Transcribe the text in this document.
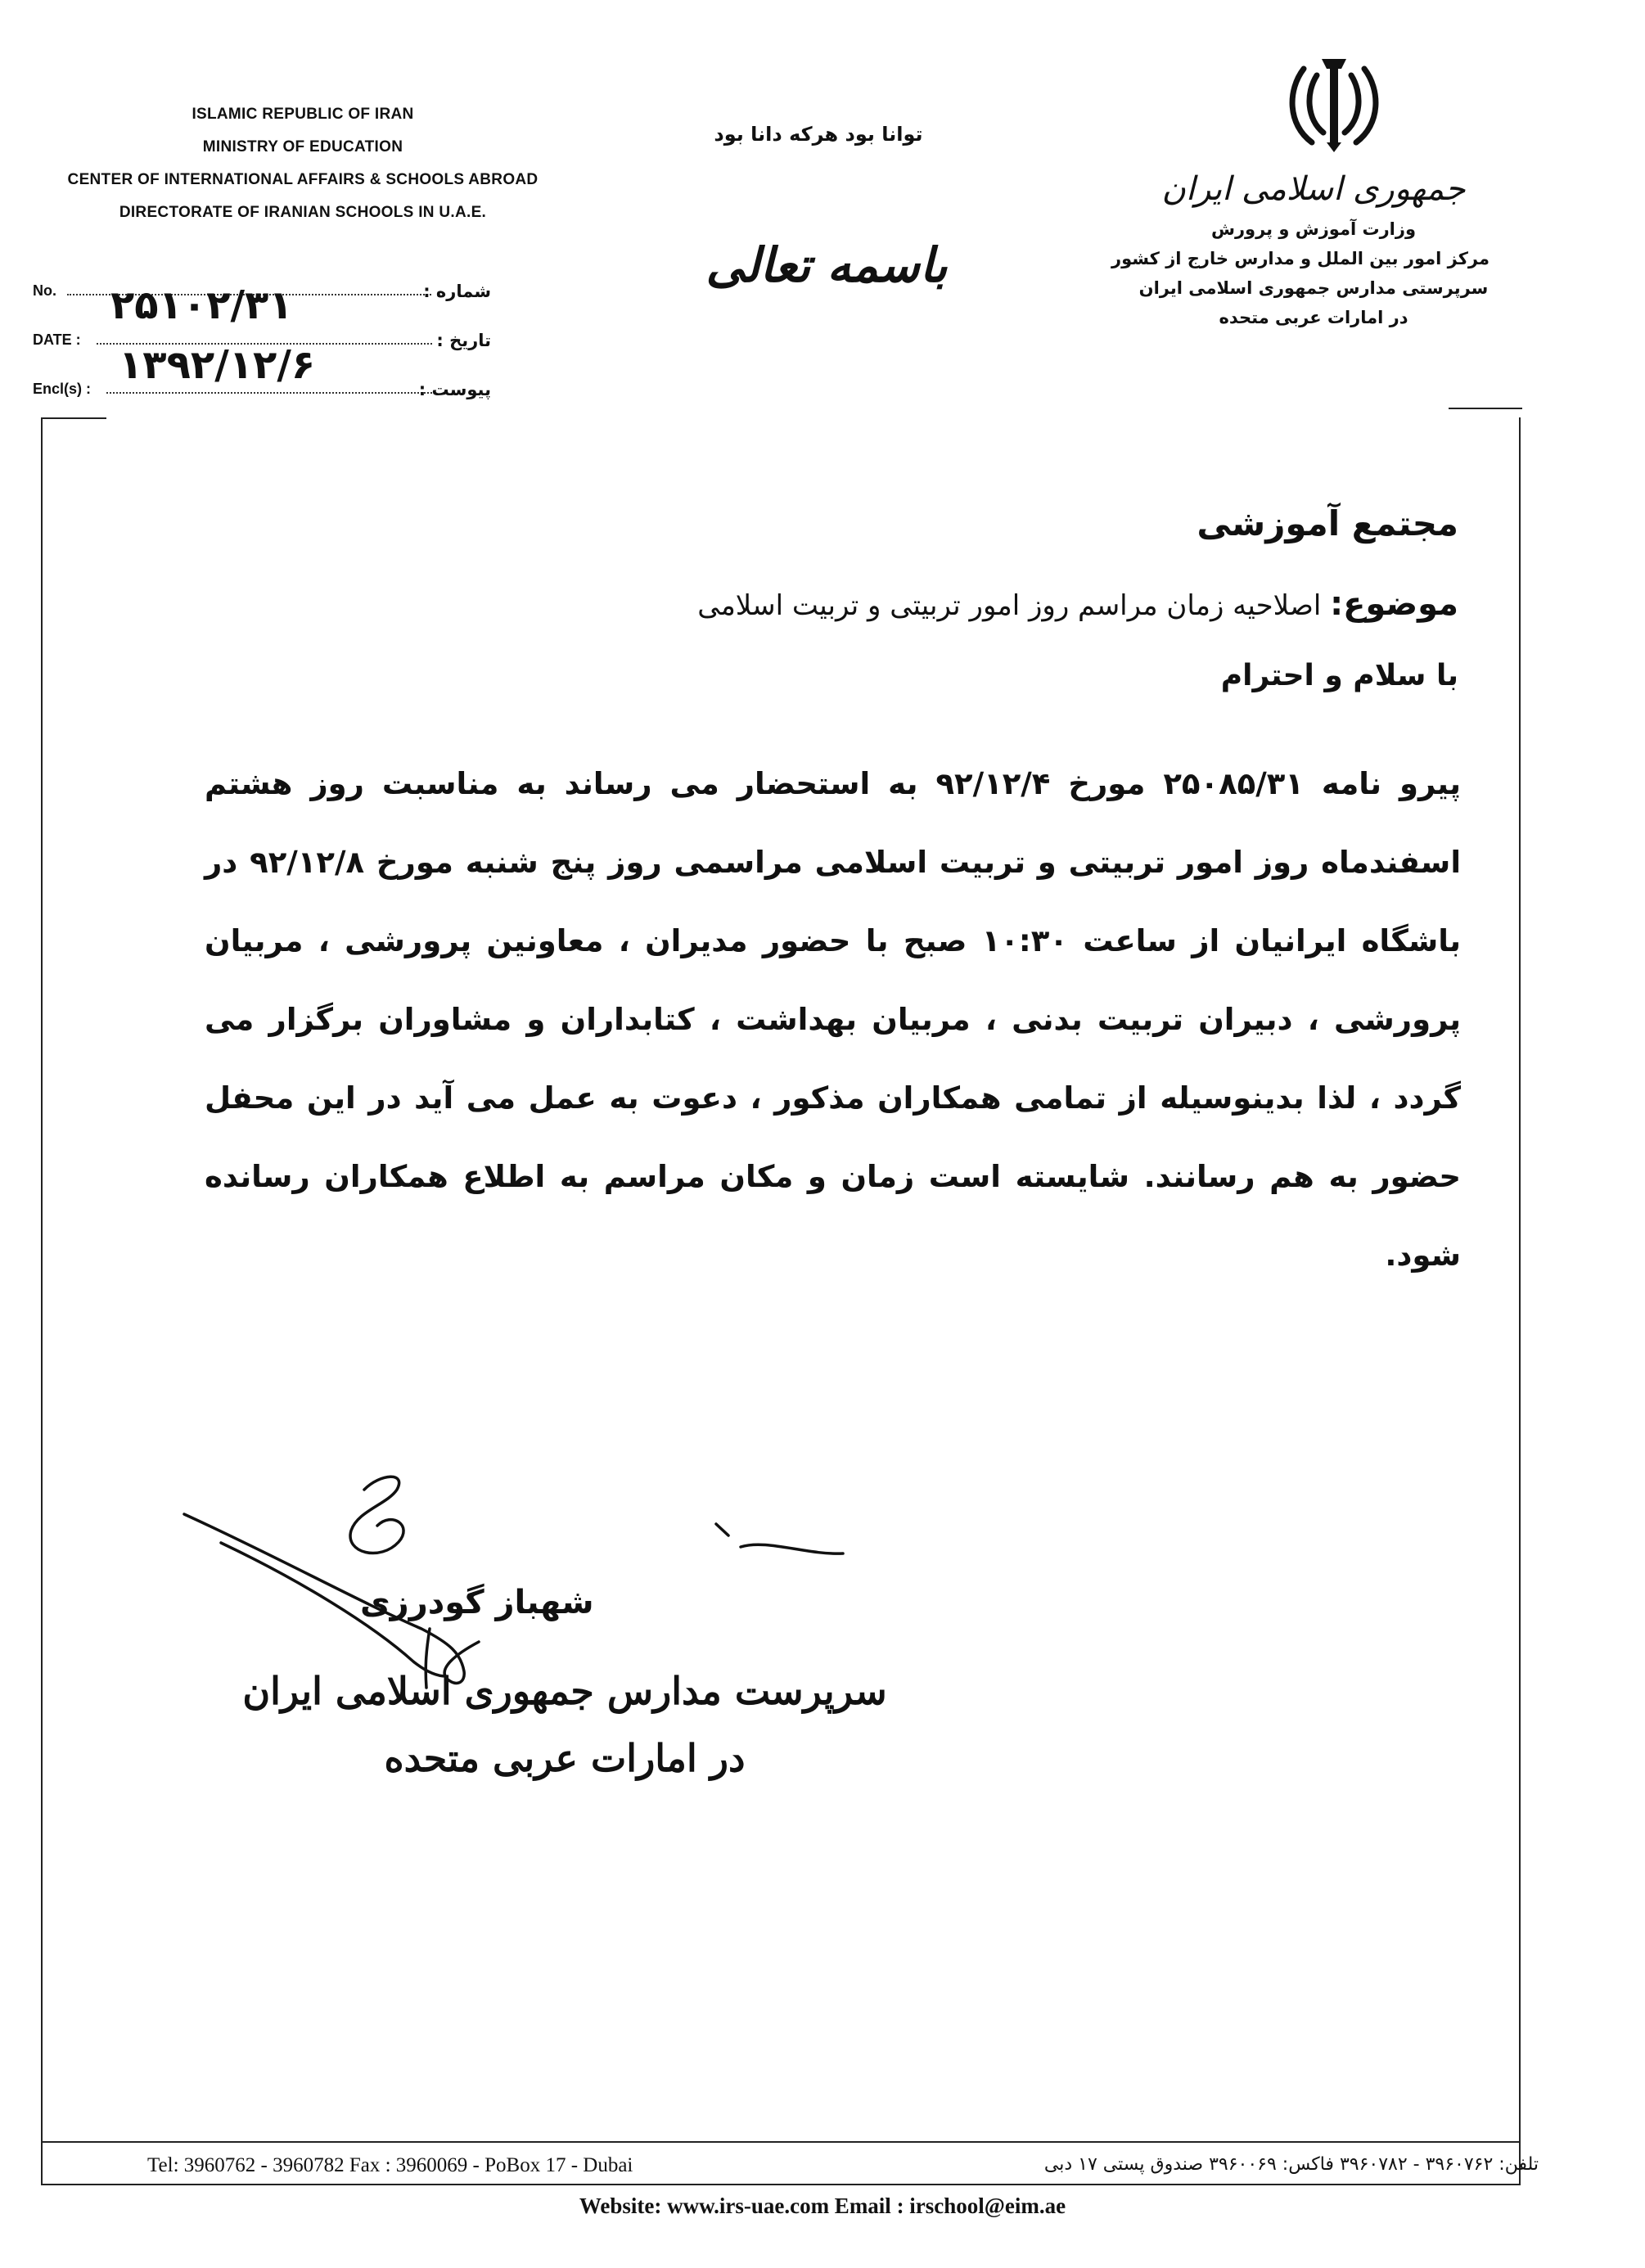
ISLAMIC REPUBLIC OF IRAN
MINISTRY OF EDUCATION
CENTER OF INTERNATIONAL AFFAIRS & SCHOOLS ABROAD
DIRECTORATE OF IRANIAN SCHOOLS IN U.A.E.
No.	شماره :
۲۵۱۰۲/۳۱
DATE :	تاریخ :
۱۳۹۲/۱۲/۶
Encl(s) :	پیوست :
توانا بود هرکه دانا بود
باسمه تعالی
جمهوری اسلامی ایران
وزارت آموزش و پرورش
مرکز امور بین الملل و مدارس خارج از کشور
سرپرستی مدارس جمهوری اسلامی ایران
در امارات عربی متحده
مجتمع آموزشی
موضوع: اصلاحیه زمان مراسم روز امور تربیتی و تربیت اسلامی
با سلام و احترام
پیرو نامه ۲۵۰۸۵/۳۱ مورخ ۹۲/۱۲/۴ به استحضار می رساند به مناسبت روز هشتم اسفندماه روز امور تربیتی و تربیت اسلامی مراسمی روز پنج شنبه مورخ ۹۲/۱۲/۸ در باشگاه ایرانیان از ساعت ۱۰:۳۰ صبح با حضور مدیران ، معاونین پرورشی ، مربیان پرورشی ، دبیران تربیت بدنی ، مربیان بهداشت ، کتابداران و مشاوران برگزار می گردد ، لذا بدینوسیله از تمامی همکاران مذکور ، دعوت به عمل می آید در این محفل حضور به هم رسانند. شایسته است زمان و مکان مراسم به اطلاع همکاران رسانده شود.
شهباز گودرزی
سرپرست مدارس جمهوری اسلامی ایران
در امارات عربی متحده
Tel: 3960762 - 3960782 Fax : 3960069 - PoBox 17 - Dubai	تلفن: ۳۹۶۰۷۶۲ - ۳۹۶۰۷۸۲ فاکس: ۳۹۶۰۰۶۹ صندوق پستی ۱۷ دبی
Website: www.irs-uae.com Email : irschool@eim.ae
